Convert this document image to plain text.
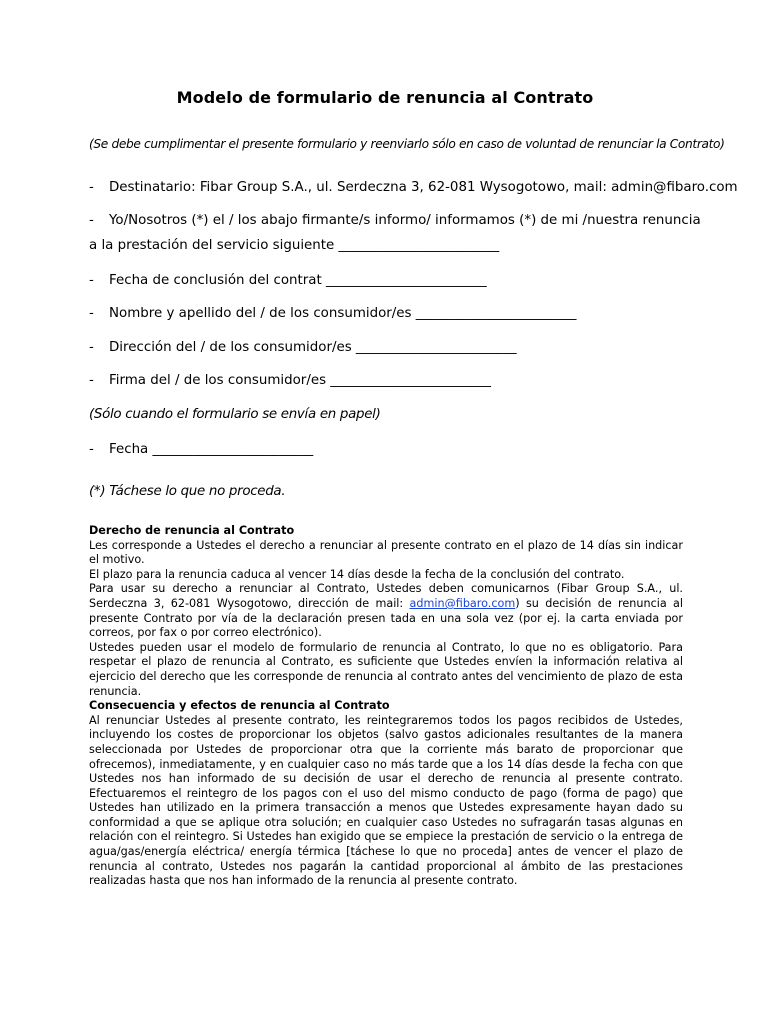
Modelo de formulario de renuncia al Contrato
(Se debe cumplimentar el presente formulario y reenviarlo sólo en caso de voluntad de renunciar la Contrato)
- Destinatario: Fibar Group S.A., ul. Serdeczna 3, 62-081 Wysogotowo, mail: admin@fibaro.com
- Yo/Nosotros (*) el / los abajo firmante/s informo/ informamos (*) de mi /nuestra renuncia
a la prestación del servicio siguiente ________________________
- Fecha de conclusión del contrat ________________________
- Nombre y apellido del / de los consumidor/es ________________________
- Dirección del / de los consumidor/es ________________________
- Firma del / de los consumidor/es ________________________
(Sólo cuando el formulario se envía en papel)
- Fecha ________________________
(*) Táchese lo que no proceda.

Derecho de renuncia al Contrato

Les corresponde a Ustedes el derecho a renunciar al presente contrato en el plazo de 14 días sin indicar el motivo.

El plazo para la renuncia caduca al vencer 14 días desde la fecha de la conclusión del contrato.

Para usar su derecho a renunciar al Contrato, Ustedes deben comunicarnos (Fibar Group S.A., ul. Serdeczna 3, 62-081 Wysogotowo, dirección de mail: admin@fibaro.com) su decisión de renuncia al presente Contrato por vía de la declaración presen tada en una sola vez (por ej. la carta enviada por correos, por fax o por correo electrónico).

Ustedes pueden usar el modelo de formulario de renuncia al Contrato, lo que no es obligatorio. Para respetar el plazo de renuncia al Contrato, es suficiente que Ustedes envíen la información relativa al ejercicio del derecho que les corresponde de renuncia al contrato antes del vencimiento de plazo de esta renuncia.

Consecuencia y efectos de renuncia al Contrato

Al renunciar Ustedes al presente contrato, les reintegraremos todos los pagos recibidos de Ustedes, incluyendo los costes de proporcionar los objetos (salvo gastos adicionales resultantes de la manera seleccionada por Ustedes de proporcionar otra que la corriente más barato de proporcionar que ofrecemos), inmediatamente, y en cualquier caso no más tarde que a los 14 días desde la fecha con que Ustedes nos han informado de su decisión de usar el derecho de renuncia al presente contrato. Efectuaremos el reintegro de los pagos con el uso del mismo conducto de pago (forma de pago) que Ustedes han utilizado en la primera transacción a menos que Ustedes expresamente hayan dado su conformidad a que se aplique otra solución; en cualquier caso Ustedes no sufragarán tasas algunas en relación con el reintegro. Si Ustedes han exigido que se empiece la prestación de servicio o la entrega de agua/gas/energía eléctrica/ energía térmica [táchese lo que no proceda] antes de vencer el plazo de renuncia al contrato, Ustedes nos pagarán la cantidad proporcional al ámbito de las prestaciones realizadas hasta que nos han informado de la renuncia al presente contrato.
